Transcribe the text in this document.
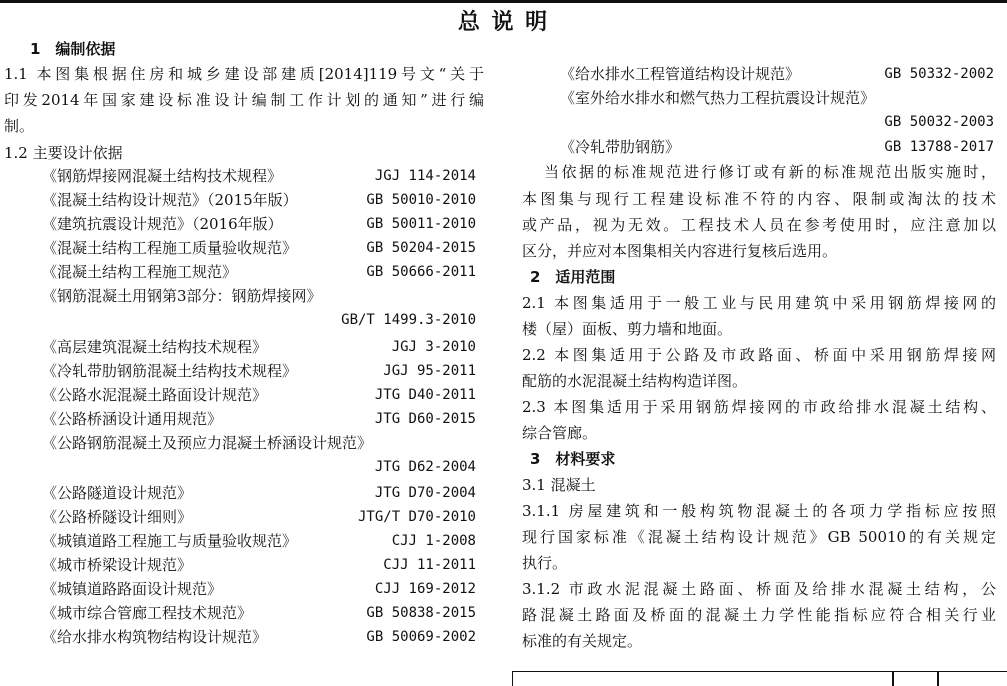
总 说 明
1　编制依据
1.1 本图集根据住房和城乡建设部建质[2014]119号文“关于
印发2014年国家建设标准设计编制工作计划的通知”进行编
制。
1.2 主要设计依据
《钢筋焊接网混凝土结构技术规程》	JGJ 114-2014
《混凝土结构设计规范》（2015年版）	GB 50010-2010
《建筑抗震设计规范》（2016年版）	GB 50011-2010
《混凝土结构工程施工质量验收规范》	GB 50204-2015
《混凝土结构工程施工规范》	GB 50666-2011
《钢筋混凝土用钢第3部分：钢筋焊接网》
GB/T 1499.3-2010
《高层建筑混凝土结构技术规程》	JGJ 3-2010
《冷轧带肋钢筋混凝土结构技术规程》	JGJ 95-2011
《公路水泥混凝土路面设计规范》	JTG D40-2011
《公路桥涵设计通用规范》	JTG D60-2015
《公路钢筋混凝土及预应力混凝土桥涵设计规范》
JTG D62-2004
《公路隧道设计规范》	JTG D70-2004
《公路桥隧设计细则》	JTG/T D70-2010
《城镇道路工程施工与质量验收规范》	CJJ 1-2008
《城市桥梁设计规范》	CJJ 11-2011
《城镇道路路面设计规范》	CJJ 169-2012
《城市综合管廊工程技术规范》	GB 50838-2015
《给水排水构筑物结构设计规范》	GB 50069-2002
《给水排水工程管道结构设计规范》	GB 50332-2002
《室外给水排水和燃气热力工程抗震设计规范》
GB 50032-2003
《冷轧带肋钢筋》	GB 13788-2017
当依据的标准规范进行修订或有新的标准规范出版实施时，
本图集与现行工程建设标准不符的内容、限制或淘汰的技术
或产品，视为无效。工程技术人员在参考使用时，应注意加以
区分，并应对本图集相关内容进行复核后选用。
2　适用范围
2.1 本图集适用于一般工业与民用建筑中采用钢筋焊接网的
楼（屋）面板、剪力墙和地面。
2.2 本图集适用于公路及市政路面、桥面中采用钢筋焊接网
配筋的水泥混凝土结构构造详图。
2.3 本图集适用于采用钢筋焊接网的市政给排水混凝土结构、
综合管廊。
3　材料要求
3.1 混凝土
3.1.1 房屋建筑和一般构筑物混凝土的各项力学指标应按照
现行国家标准《混凝土结构设计规范》GB 50010的有关规定
执行。
3.1.2 市政水泥混凝土路面、桥面及给排水混凝土结构，公
路混凝土路面及桥面的混凝土力学性能指标应符合相关行业
标准的有关规定。
